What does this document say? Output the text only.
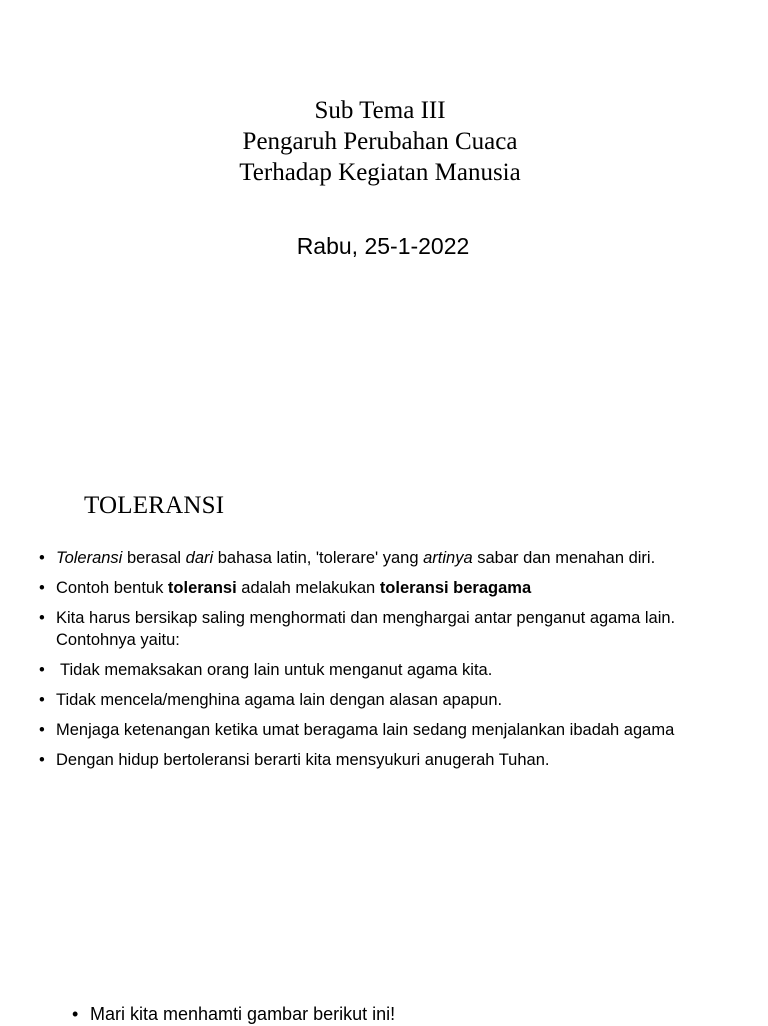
Sub Tema III
Pengaruh Perubahan Cuaca
Terhadap Kegiatan Manusia
Rabu, 25-1-2022
TOLERANSI
• Toleransi berasal dari bahasa latin, 'tolerare' yang artinya sabar dan menahan diri.
• Contoh bentuk toleransi adalah melakukan toleransi beragama
• Kita harus bersikap saling menghormati dan menghargai antar penganut agama lain. Contohnya yaitu:
• Tidak memaksakan orang lain untuk menganut agama kita.
• Tidak mencela/menghina agama lain dengan alasan apapun.
• Menjaga ketenangan ketika umat beragama lain sedang menjalankan ibadah agama
• Dengan hidup bertoleransi berarti kita mensyukuri anugerah Tuhan.
• Mari kita menhamti gambar berikut ini!
